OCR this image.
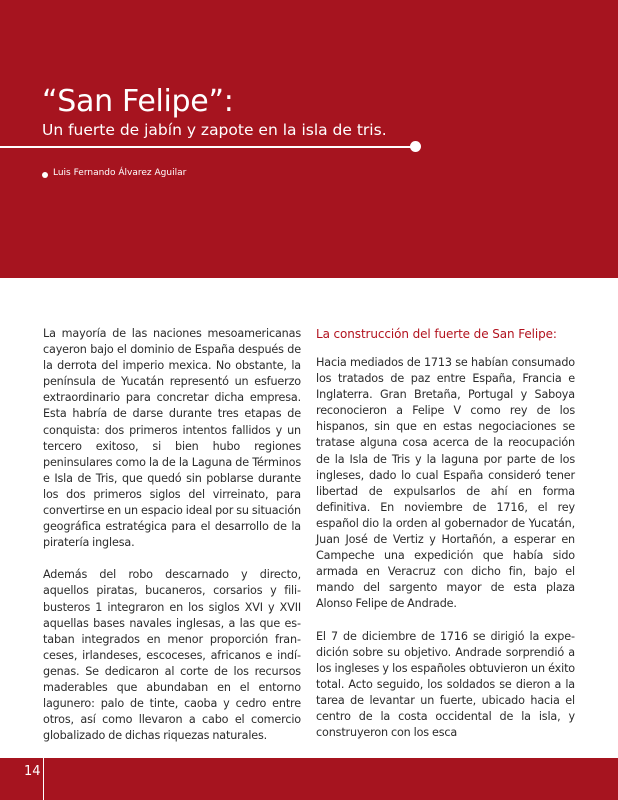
“San Felipe”:
Un fuerte de jabín y zapote en la isla de tris.
Luis Fernando Álvarez Aguilar

La mayoría de las naciones mesoamericanas cayeron bajo el dominio de España después de la derrota del imperio mexica. No obstante, la península de Yucatán representó un esfuerzo extraordinario para concretar dicha empresa. Esta habría de darse durante tres etapas de conquista: dos primeros intentos fallidos y un tercero exitoso, si bien hubo regiones peninsulares como la de la Laguna de Términos e Isla de Tris, que quedó sin poblarse durante los dos primeros siglos del virreinato, para convertirse en un espacio ideal por su situación geográfica estratégica para el desarrollo de la piratería inglesa.

Además del robo descarnado y directo, aquellos piratas, bucaneros, corsarios y filibusteros 1 integraron en los siglos XVI y XVII aquellas bases navales inglesas, a las que estaban integrados en menor proporción franceses, irlandeses, escoceses, africanos e indígenas. Se dedicaron al corte de los recursos maderables que abundaban en el entorno lagunero: palo de tinte, caoba y cedro entre otros, así como llevaron a cabo el comercio globalizado de dichas riquezas naturales.

La construcción del fuerte de San Felipe:

Hacia mediados de 1713 se habían consumado los tratados de paz entre España, Francia e Inglaterra. Gran Bretaña, Portugal y Saboya reconocieron a Felipe V como rey de los hispanos, sin que en estas negociaciones se tratase alguna cosa acerca de la reocupación de la Isla de Tris y la laguna por parte de los ingleses, dado lo cual España consideró tener libertad de expulsarlos de ahí en forma definitiva. En noviembre de 1716, el rey español dio la orden al gobernador de Yucatán, Juan José de Vertiz y Hortañón, a esperar en Campeche una expedición que había sido armada en Veracruz con dicho fin, bajo el mando del sargento mayor de esta plaza Alonso Felipe de Andrade.

El 7 de diciembre de 1716 se dirigió la expedición sobre su objetivo. Andrade sorprendió a los ingleses y los españoles obtuvieron un éxito total. Acto seguido, los soldados se dieron a la tarea de levantar un fuerte, ubicado hacia el centro de la costa occidental de la isla, y construyeron con los esca

14
